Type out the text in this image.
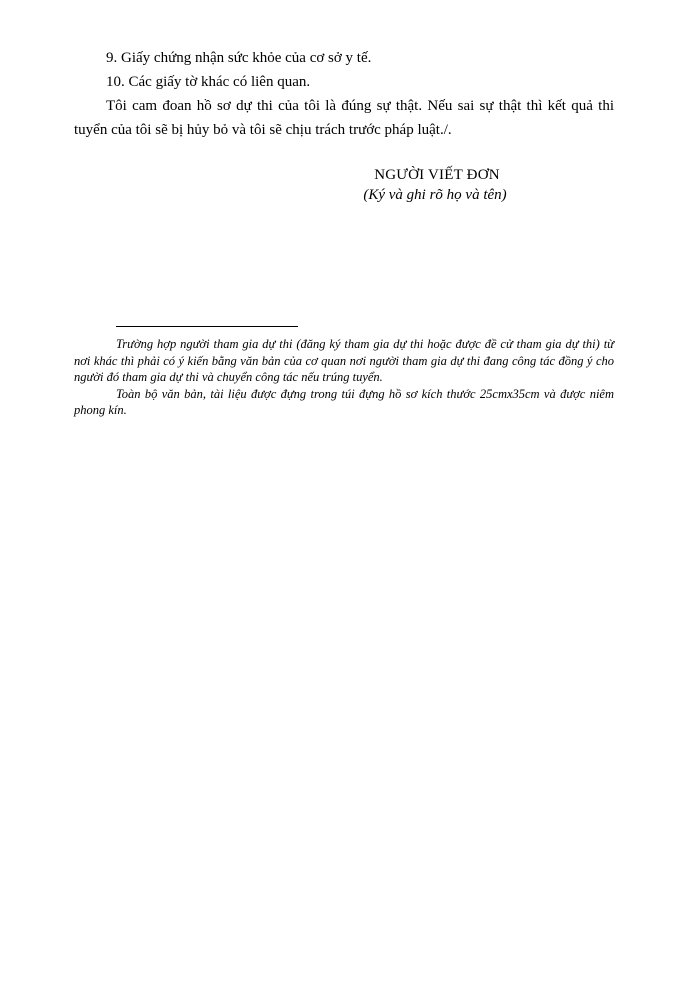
9. Giấy chứng nhận sức khỏe của cơ sở y tế.

10. Các giấy tờ khác có liên quan.

Tôi cam đoan hồ sơ dự thi của tôi là đúng sự thật. Nếu sai sự thật thì kết quả thi tuyển của tôi sẽ bị hủy bỏ và tôi sẽ chịu trách trước pháp luật./.

NGƯỜI VIẾT ĐƠN
(Ký và ghi rõ họ và tên)

Trường hợp người tham gia dự thi (đăng ký tham gia dự thi hoặc được đề cử tham gia dự thi) từ nơi khác thì phải có ý kiến bằng văn bản của cơ quan nơi người tham gia dự thi đang công tác đồng ý cho người đó tham gia dự thi và chuyển công tác nếu trúng tuyển.

Toàn bộ văn bản, tài liệu được đựng trong túi đựng hồ sơ kích thước 25cmx35cm và được niêm phong kín.
